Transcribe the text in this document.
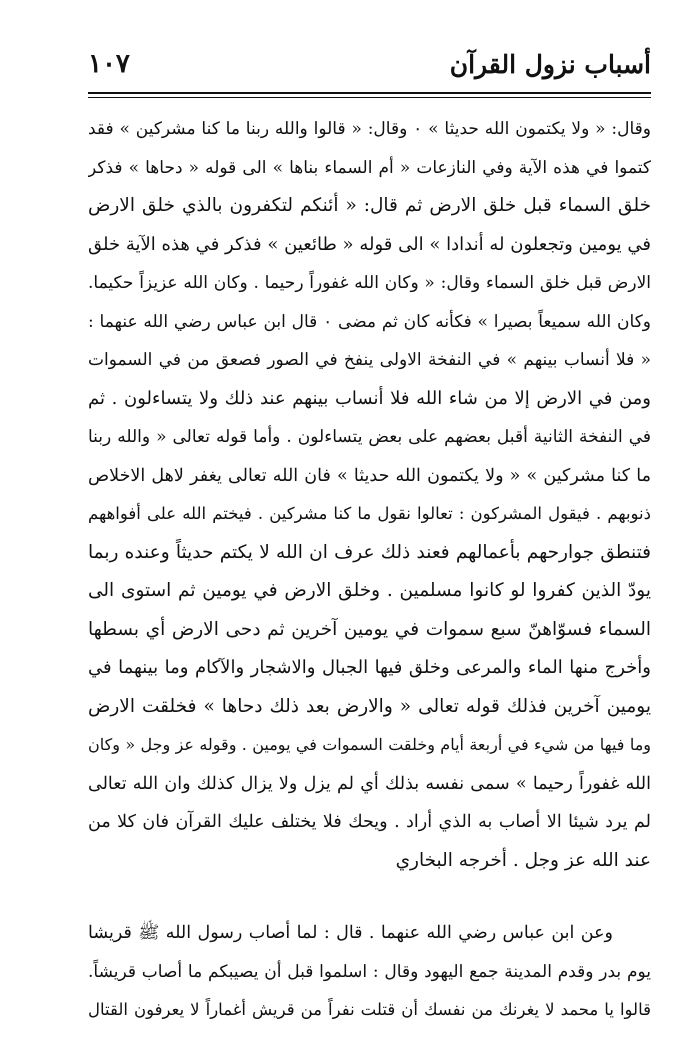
١٠٧	أسباب نزول القرآن
وقال: « ولا يكتمون الله حديثا » ٠ وقال: « قالوا والله ربنا ما كنا مشركين » فقد
كتموا في هذه الآية وفي النازعات « أم السماء بناها » الى قوله « دحاها » فذكر
خلق السماء قبل خلق الارض ثم قال: « أئنكم لتكفرون بالذي خلق الارض
في يومين وتجعلون له أندادا » الى قوله « طائعين » فذكر في هذه الآية خلق
الارض قبل خلق السماء وقال: « وكان الله غفوراً رحيما . وكان الله عزيزاً حكيما.
وكان الله سميعاً بصيرا » فكأنه كان ثم مضى ٠ قال ابن عباس رضي الله عنهما :
« فلا أنساب بينهم » في النفخة الاولى ينفخ في الصور فصعق من في السموات
ومن في الارض إلا من شاء الله فلا أنساب بينهم عند ذلك ولا يتساءلون . ثم
في النفخة الثانية أقبل بعضهم على بعض يتساءلون . وأما قوله تعالى « والله ربنا
ما كنا مشركين » « ولا يكتمون الله حديثا » فان الله تعالى يغفر لاهل الاخلاص
ذنوبهم . فيقول المشركون : تعالوا نقول ما كنا مشركين . فيختم الله على أفواههم
فتنطق جوارحهم بأعمالهم فعند ذلك عرف ان الله لا يكتم حديثاً وعنده ربما
يودّ الذين كفروا لو كانوا مسلمين . وخلق الارض في يومين ثم استوى الى
السماء فسوّاهنّ سبع سموات في يومين آخرين ثم دحى الارض أي بسطها
وأخرج منها الماء والمرعى وخلق فيها الجبال والاشجار والآكام وما بينهما في
يومين آخرين فذلك قوله تعالى « والارض بعد ذلك دحاها » فخلقت الارض
وما فيها من شيء في أربعة أيام وخلقت السموات في يومين . وقوله عز وجل « وكان
الله غفوراً رحيما » سمى نفسه بذلك أي لم يزل ولا يزال كذلك وان الله تعالى
لم يرد شيئا الا أصاب به الذي أراد . ويحك فلا يختلف عليك القرآن فان كلا من
عند الله عز وجل . أخرجه البخاري
وعن ابن عباس رضي الله عنهما . قال : لما أصاب رسول الله ﷺ قريشا
يوم بدر وقدم المدينة جمع اليهود وقال : اسلموا قبل أن يصيبكم ما أصاب قريشاً.
قالوا يا محمد لا يغرنك من نفسك أن قتلت نفراً من قريش أغماراً لا يعرفون القتال
